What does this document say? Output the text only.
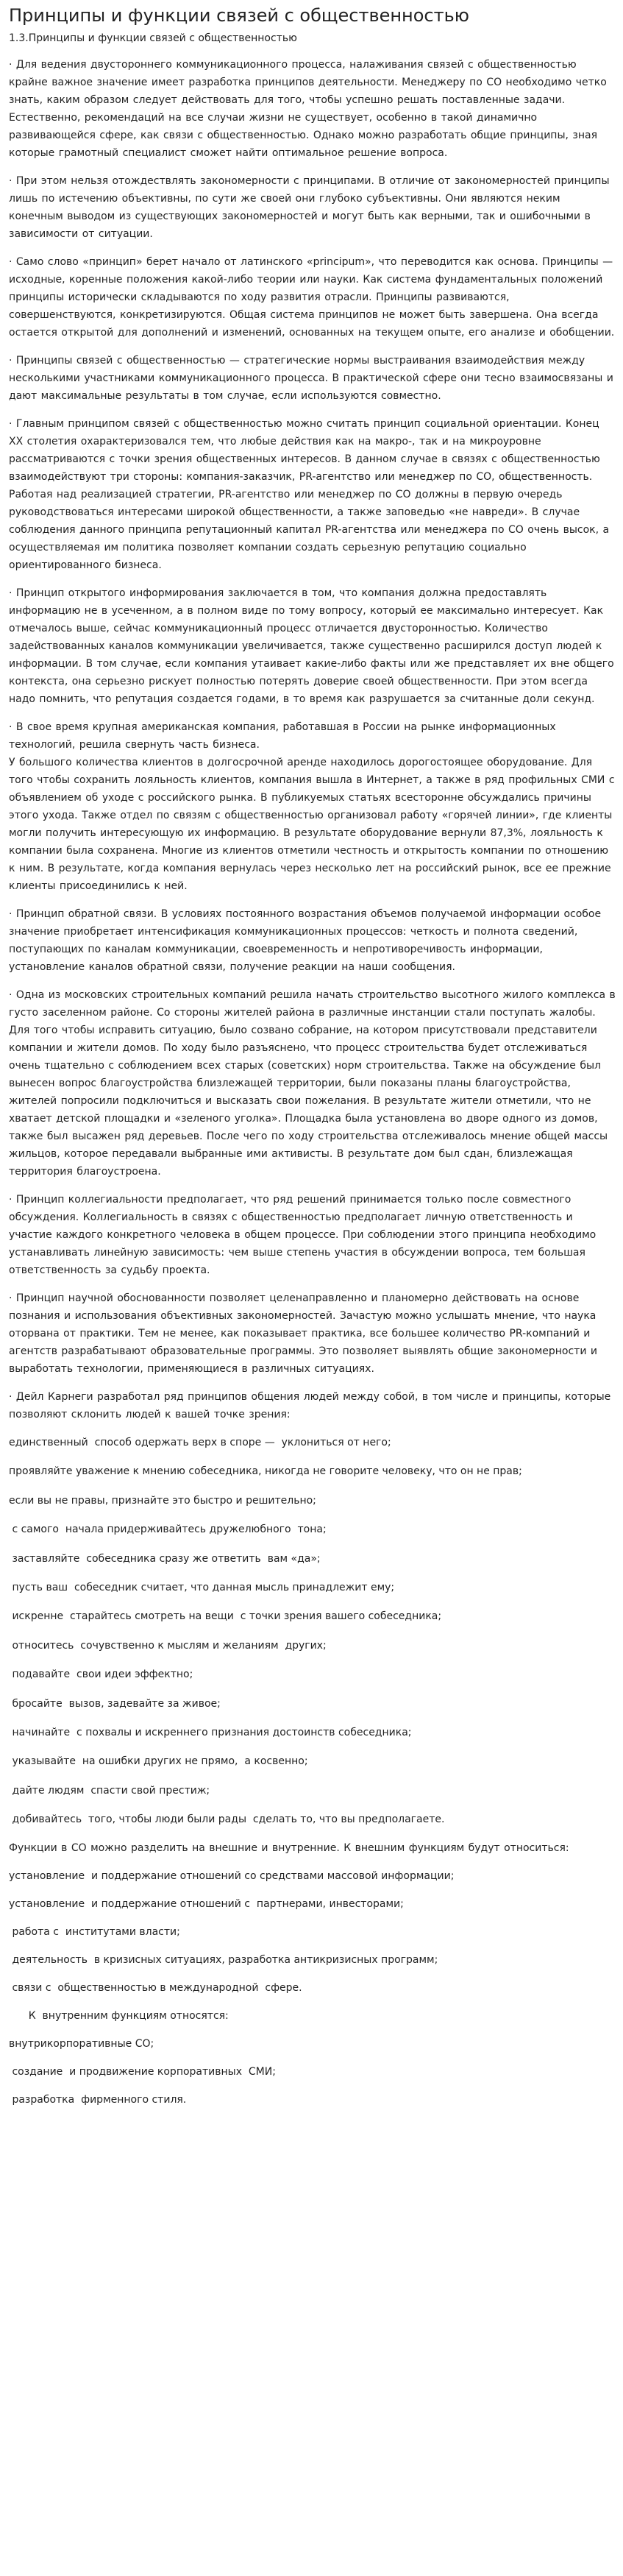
Принципы и функции связей с общественностью
1.3.Принципы и функции связей с общественностью
· Для ведения двустороннего коммуникационного процесса, налаживания связей с общественностью крайне важное значение имеет разработка принципов деятельности. Менеджеру по СО необходимо четко знать, каким образом следует действовать для того, чтобы успешно решать поставленные задачи. Естественно, рекомендаций на все случаи жизни не существует, особенно в такой динамично развивающейся сфере, как связи с общественностью. Однако можно разработать общие принципы, зная которые грамотный специалист сможет найти оптимальное решение вопроса.
· При этом нельзя отождествлять закономерности с принципами. В отличие от закономерностей принципы лишь по истечению объективны, по сути же своей они глубоко субъективны. Они являются неким конечным выводом из существующих закономерностей и могут быть как верными, так и ошибочными в зависимости от ситуации.
· Само слово «принцип» берет начало от латинского «principum», что переводится как основа. Принципы — исходные, коренные положения какой-либо теории или науки. Как система фундаментальных положений принципы исторически складываются по ходу развития отрасли. Принципы развиваются, совершенствуются, конкретизируются. Общая система принципов не может быть завершена. Она всегда остается открытой для дополнений и изменений, основанных на текущем опыте, его анализе и обобщении.
· Принципы связей с общественностью — стратегические нормы выстраивания взаимодействия между несколькими участниками коммуникационного процесса. В практической сфере они тесно взаимосвязаны и дают максимальные результаты в том случае, если используются совместно.
· Главным принципом связей с общественностью можно считать принцип социальной ориентации. Конец XX столетия охарактеризовался тем, что любые действия как на макро-, так и на микроуровне рассматриваются с точки зрения общественных интересов. В данном случае в связях с общественностью взаимодействуют три стороны: компания-заказчик, PR-агентство или менеджер по СО, общественность. Работая над реализацией стратегии, PR-агентство или менеджер по СО должны в первую очередь руководствоваться интересами широкой общественности, а также заповедью «не навреди». В случае соблюдения данного принципа репутационный капитал PR-агентства или менеджера по СО очень высок, а осуществляемая им политика позволяет компании создать серьезную репутацию социально ориентированного бизнеса.
· Принцип открытого информирования заключается в том, что компания должна предоставлять информацию не в усеченном, а в полном виде по тому вопросу, который ее максимально интересует. Как отмечалось выше, сейчас коммуникационный процесс отличается двусторонностью. Количество задействованных каналов коммуникации увеличивается, также существенно расширился доступ людей к информации. В том случае, если компания утаивает какие-либо факты или же представляет их вне общего контекста, она серьезно рискует полностью потерять доверие своей общественности. При этом всегда надо помнить, что репутация создается годами, в то время как разрушается за считанные доли секунд.
· В свое время крупная американская компания, работавшая в России на рынке информационных технологий, решила свернуть часть бизнеса.
У большого количества клиентов в долгосрочной аренде находилось дорогостоящее оборудование. Для того чтобы сохранить лояльность клиентов, компания вышла в Интернет, а также в ряд профильных СМИ с объявлением об уходе с российского рынка. В публикуемых статьях всесторонне обсуждались причины этого ухода. Также отдел по связям с общественностью организовал работу «горячей линии», где клиенты могли получить интересующую их информацию. В результате оборудование вернули 87,3%, лояльность к компании была сохранена. Многие из клиентов отметили честность и открытость компании по отношению к ним. В результате, когда компания вернулась через несколько лет на российский рынок, все ее прежние клиенты присоединились к ней.
· Принцип обратной связи. В условиях постоянного возрастания объемов получаемой информации особое значение приобретает интенсификация коммуникационных процессов: четкость и полнота сведений, поступающих по каналам коммуникации, своевременность и непротиворечивость информации, установление каналов обратной связи, получение реакции на наши сообщения.
· Одна из московских строительных компаний решила начать строительство высотного жилого комплекса в густо заселенном районе. Со стороны жителей района в различные инстанции стали поступать жалобы. Для того чтобы исправить ситуацию, было созвано собрание, на котором присутствовали представители компании и жители домов. По ходу было разъяснено, что процесс строительства будет отслеживаться очень тщательно с соблюдением всех старых (советских) норм строительства. Также на обсуждение был вынесен вопрос благоустройства близлежащей территории, были показаны планы благоустройства, жителей попросили подключиться и высказать свои пожелания. В результате жители отметили, что не хватает детской площадки и «зеленого уголка». Площадка была установлена во дворе одного из домов, также был высажен ряд деревьев. После чего по ходу строительства отслеживалось мнение общей массы жильцов, которое передавали выбранные ими активисты. В результате дом был сдан, близлежащая территория благоустроена.
· Принцип коллегиальности предполагает, что ряд решений принимается только после совместного обсуждения. Коллегиальность в связях с общественностью предполагает личную ответственность и участие каждого конкретного человека в общем процессе. При соблюдении этого принципа необходимо устанавливать линейную зависимость: чем выше степень участия в обсуждении вопроса, тем большая ответственность за судьбу проекта.
· Принцип научной обоснованности позволяет целенаправленно и планомерно действовать на основе познания и использования объективных закономерностей. Зачастую можно услышать мнение, что наука оторвана от практики. Тем не менее, как показывает практика, все большее количество PR-компаний и агентств разрабатывают образовательные программы. Это позволяет выявлять общие закономерности и выработать технологии, применяющиеся в различных ситуациях.
· Дейл Карнеги разработал ряд принципов общения людей между собой, в том числе и принципы, которые позволяют склонить людей к вашей точке зрения:
единственный  способ одержать верх в споре —  уклониться от него;
проявляйте уважение к мнению собеседника, никогда не говорите человеку, что он не прав;
если вы не правы, признайте это быстро и решительно;
с самого  начала придерживайтесь дружелюбного  тона;
заставляйте  собеседника сразу же ответить  вам «да»;
пусть ваш  собеседник считает, что данная мысль принадлежит ему;
искренне  старайтесь смотреть на вещи  с точки зрения вашего собеседника;
относитесь  сочувственно к мыслям и желаниям  других;
подавайте  свои идеи эффектно;
бросайте  вызов, задевайте за живое;
начинайте  с похвалы и искреннего признания достоинств собеседника;
указывайте  на ошибки других не прямо,  а косвенно;
дайте людям  спасти свой престиж;
добивайтесь  того, чтобы люди были рады  сделать то, что вы предполагаете.
Функции в СО можно разделить на внешние и внутренние. К внешним функциям будут относиться:
установление  и поддержание отношений со средствами массовой информации;
установление  и поддержание отношений с  партнерами, инвесторами;
работа с  институтами власти;
деятельность  в кризисных ситуациях, разработка антикризисных программ;
связи с  общественностью в международной  сфере.
К  внутренним функциям относятся:
внутрикорпоративные СО;
создание  и продвижение корпоративных  СМИ;
разработка  фирменного стиля.
